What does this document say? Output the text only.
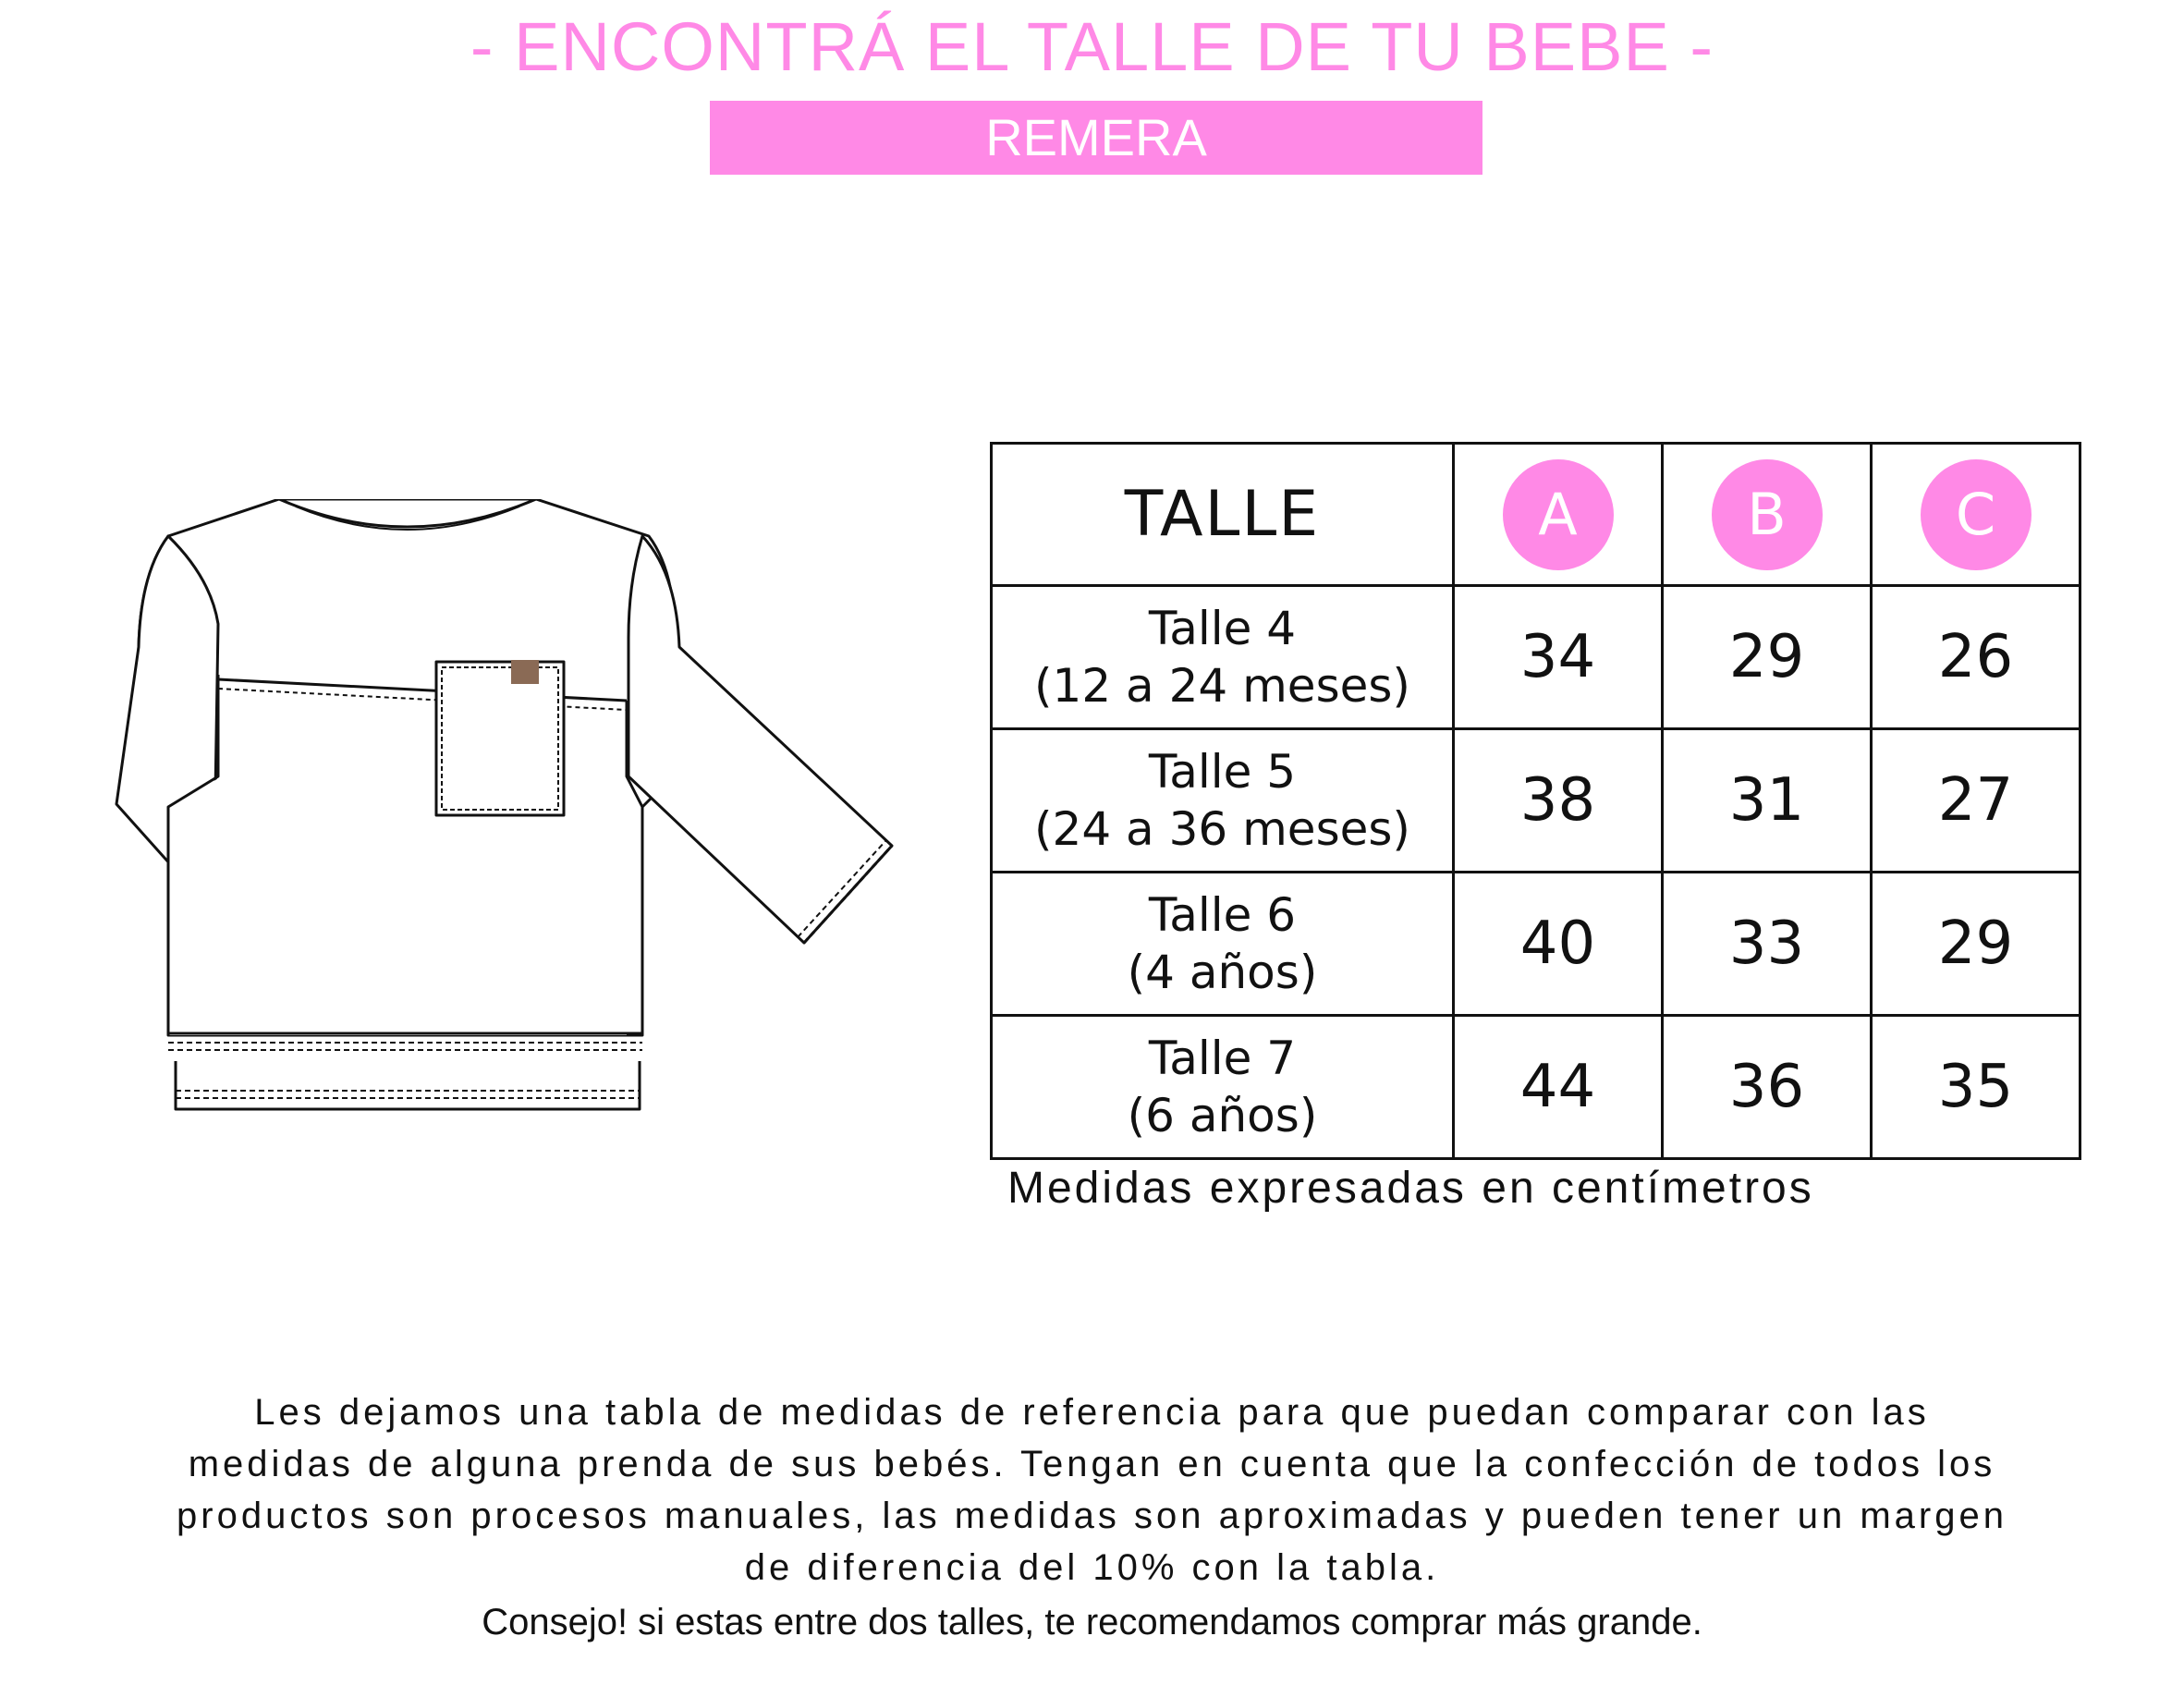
- ENCONTRÁ EL TALLE DE TU BEBE -
REMERA
TALLE	A	B	C

Talle 4
(12 a 24 meses)	34	29	26

Talle 5
(24 a 36 meses)	38	31	27

Talle 6
(4 años)	40	33	29

Talle 7
(6 años)	44	36	35
Medidas expresadas en centímetros

Les dejamos una tabla de medidas de referencia para que puedan comparar con las
medidas de alguna prenda de sus bebés. Tengan en cuenta que la confección de todos los
productos son procesos manuales, las medidas son aproximadas y pueden tener un margen
de diferencia del 10% con la tabla.

Consejo! si estas entre dos talles, te recomendamos comprar más grande.
